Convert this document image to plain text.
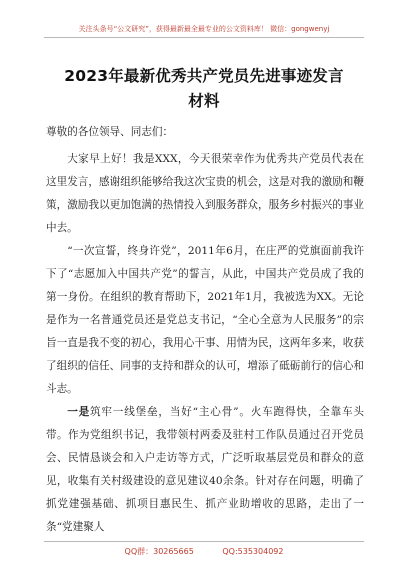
关注头条号“公文研究”，获得最新最全最专业的公文资料库！ 微信：gongwenyj
2023年最新优秀共产党员先进事迹发言
材料

尊敬的各位领导、同志们：

大家早上好！我是XXX，今天很荣幸作为优秀共产党员代表在这里发言，感谢组织能够给我这次宝贵的机会，这是对我的激励和鞭策，激励我以更加饱满的热情投入到服务群众，服务乡村振兴的事业中去。

“一次宣誓，终身许党”，2011年6月，在庄严的党旗面前我许下了“志愿加入中国共产党”的誓言，从此，中国共产党员成了我的第一身份。在组织的教育帮助下，2021年1月，我被选为XX。无论是作为一名普通党员还是党总支书记，“全心全意为人民服务”的宗旨一直是我不变的初心，我用心干事、用情为民，这两年多来，收获了组织的信任、同事的支持和群众的认可，增添了砥砺前行的信心和斗志。

一是筑牢一线堡垒，当好“主心骨”。火车跑得快，全靠车头带。作为党组织书记，我带领村两委及驻村工作队员通过召开党员会、民情恳谈会和入户走访等方式，广泛听取基层党员和群众的意见，收集有关村级建设的意见建议40余条。针对存在问题，明确了抓党建强基础、抓项目惠民生、抓产业助增收的思路，走出了一条“党建聚人

QQ群：30265665	QQ:535304092
